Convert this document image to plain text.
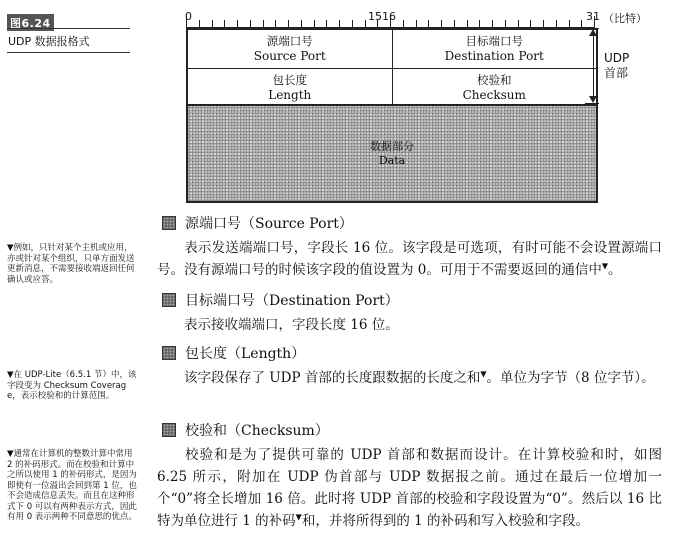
图6.24
UDP 数据报格式
0	15 16	31 （比特）
源端口号
Source Port
目标端口号
Destination Port
包长度
Length
校验和
Checksum
数据部分
Data
UDP
首部
源端口号（Source Port）
表示发送端端口号，字段长 16 位。该字段是可选项，有时可能不会设置源端口号。没有源端口号的时候该字段的值设置为 0。可用于不需要返回的通信中▼。
目标端口号（Destination Port）
表示接收端端口，字段长度 16 位。
包长度（Length）
该字段保存了 UDP 首部的长度跟数据的长度之和▼。单位为字节（8 位字节）。
校验和（Checksum）
校验和是为了提供可靠的 UDP 首部和数据而设计。在计算校验和时，如图 6.25 所示，附加在 UDP 伪首部与 UDP 数据报之前。通过在最后一位增加一个“0”将全长增加 16 倍。此时将 UDP 首部的校验和字段设置为“0”。然后以 16 比特为单位进行 1 的补码▼和，并将所得到的 1 的补码和写入校验和字段。
▼例如，只针对某个主机或应用，亦或针对某个组织，只单方面发送更新消息，不需要接收端返回任何确认或应答。
▼在 UDP-Lite（6.5.1 节）中，该字段变为 Checksum Coverage，表示校验和的计算范围。
▼通常在计算机的整数计算中常用 2 的补码形式。而在校验和计算中之所以使用 1 的补码形式，是因为即使有一位溢出会回到第 1 位，也不会造成信息丢失。而且在这种形式下 0 可以有两种表示方式，因此有用 0 表示两种不同意思的优点。
